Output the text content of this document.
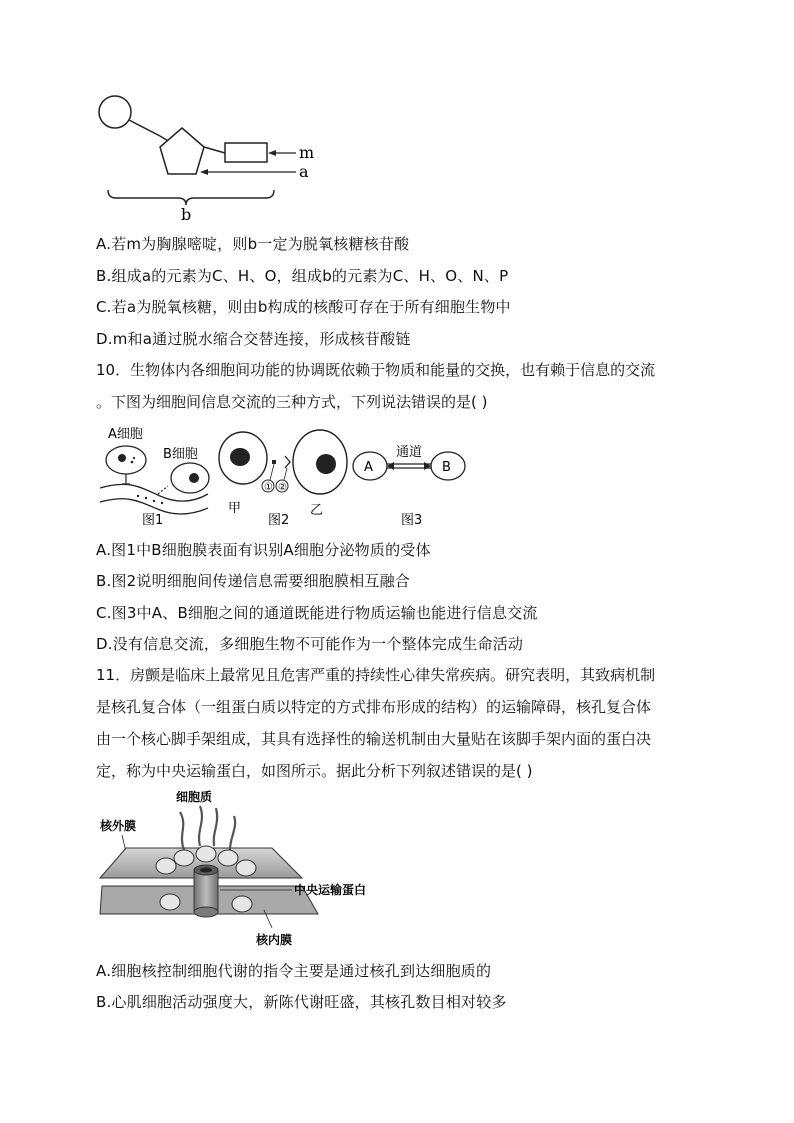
m
a
b
A.若m为胸腺嘧啶，则b一定为脱氧核糖核苷酸
B.组成a的元素为C、H、O，组成b的元素为C、H、O、N、P
C.若a为脱氧核糖，则由b构成的核酸可存在于所有细胞生物中
D.m和a通过脱水缩合交替连接，形成核苷酸链
10．生物体内各细胞间功能的协调既依赖于物质和能量的交换，也有赖于信息的交流
。下图为细胞间信息交流的三种方式，下列说法错误的是( )
A细胞
B细胞
图1
① ②
甲
图2
乙
A	B
通道
图3
A.图1中B细胞膜表面有识别A细胞分泌物质的受体
B.图2说明细胞间传递信息需要细胞膜相互融合
C.图3中A、B细胞之间的通道既能进行物质运输也能进行信息交流
D.没有信息交流，多细胞生物不可能作为一个整体完成生命活动
11．房颤是临床上最常见且危害严重的持续性心律失常疾病。研究表明，其致病机制
是核孔复合体（一组蛋白质以特定的方式排布形成的结构）的运输障碍，核孔复合体
由一个核心脚手架组成，其具有选择性的输送机制由大量贴在该脚手架内面的蛋白决
定，称为中央运输蛋白，如图所示。据此分析下列叙述错误的是( )
细胞质
核外膜
中央运输蛋白
核内膜
A.细胞核控制细胞代谢的指令主要是通过核孔到达细胞质的
B.心肌细胞活动强度大，新陈代谢旺盛，其核孔数目相对较多
